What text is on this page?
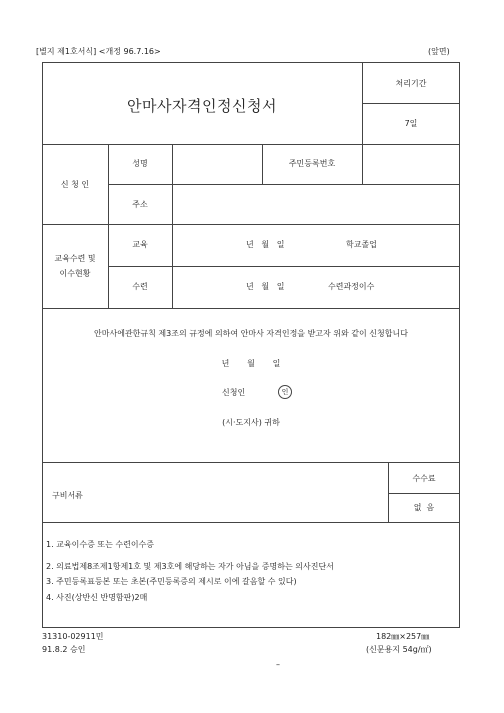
[별지 제1호서식] <개정 96.7.16>	(앞면)
안마사자격인정신청서
처리기간
7일
신 청 인
성명	주민등록번호
주소
교육수련 및
이수현황
교육	년   월   일	학교졸업
수련	년   월   일	수련과정이수
안마사에관한규칙 제3조의 규정에 의하여 안마사 자격인정을 받고자 위와 같이 신청합니다
년       월       일
신청인	인
(시·도지사) 귀하
구비서류
수수료
없  음
1. 교육이수증 또는 수련이수증
2. 의료법제8조제1항제1호 및 제3호에 해당하는 자가 아님을 증명하는 의사진단서
3. 주민등록표등본 또는 초본(주민등록증의 제시로 이에 갈음할 수 있다)
4. 사진(상반신 반명함판)2매
31310-02911민
91.8.2 승인
182㎜×257㎜
(신문용지 54g/㎡)
–
